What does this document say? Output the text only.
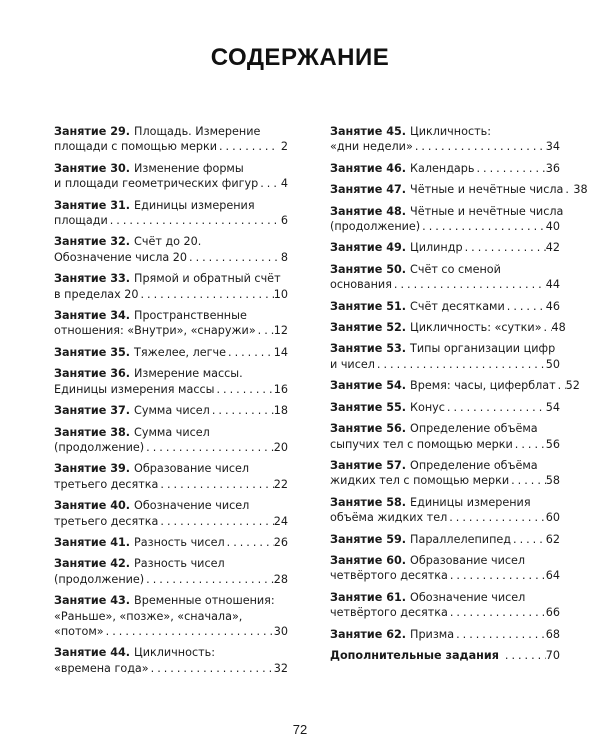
СОДЕРЖАНИЕ
Занятие 29. Площадь. Измерение
площади с помощью мерки .....	2
Занятие 30. Изменение формы
и площади геометрических фигур ..... 4
Занятие 31. Единицы измерения
площади .....	6
Занятие 32. Счёт до 20.
Обозначение числа 20 .....	8
Занятие 33. Прямой и обратный счёт
в пределах 20 .....	10
Занятие 34. Пространственные
отношения: «Внутри», «снаружи» ..... 12
Занятие 35. Тяжелее, легче .....	14
Занятие 36. Измерение массы.
Единицы измерения массы .....	16
Занятие 37. Сумма чисел .....	18
Занятие 38. Сумма чисел
(продолжение) .....	20
Занятие 39. Образование чисел
третьего десятка .....	22
Занятие 40. Обозначение чисел
третьего десятка .....	24
Занятие 41. Разность чисел .....	26
Занятие 42. Разность чисел
(продолжение) .....	28
Занятие 43. Временные отношения:
«Раньше», «позже», «сначала»,
«потом» .....	30
Занятие 44. Цикличность:
«времена года» .....	32
Занятие 45. Цикличность:
«дни недели» .....	34
Занятие 46. Календарь .....	36
Занятие 47. Чётные и нечётные числа ..... 38
Занятие 48. Чётные и нечётные числа
(продолжение) .....	40
Занятие 49. Цилиндр .....	42
Занятие 50. Счёт со сменой
основания .....	44
Занятие 51. Счёт десятками .....	46
Занятие 52. Цикличность: «сутки» ..... 48
Занятие 53. Типы организации цифр
и чисел .....	50
Занятие 54. Время: часы, циферблат ..... 52
Занятие 55. Конус .....	54
Занятие 56. Определение объёма
сыпучих тел с помощью мерки .....	56
Занятие 57. Определение объёма
жидких тел с помощью мерки .....	58
Занятие 58. Единицы измерения
объёма жидких тел .....	60
Занятие 59. Параллелепипед .....	62
Занятие 60. Образование чисел
четвёртого десятка .....	64
Занятие 61. Обозначение чисел
четвёртого десятка .....	66
Занятие 62. Призма .....	68
Дополнительные задания .....	70
72
